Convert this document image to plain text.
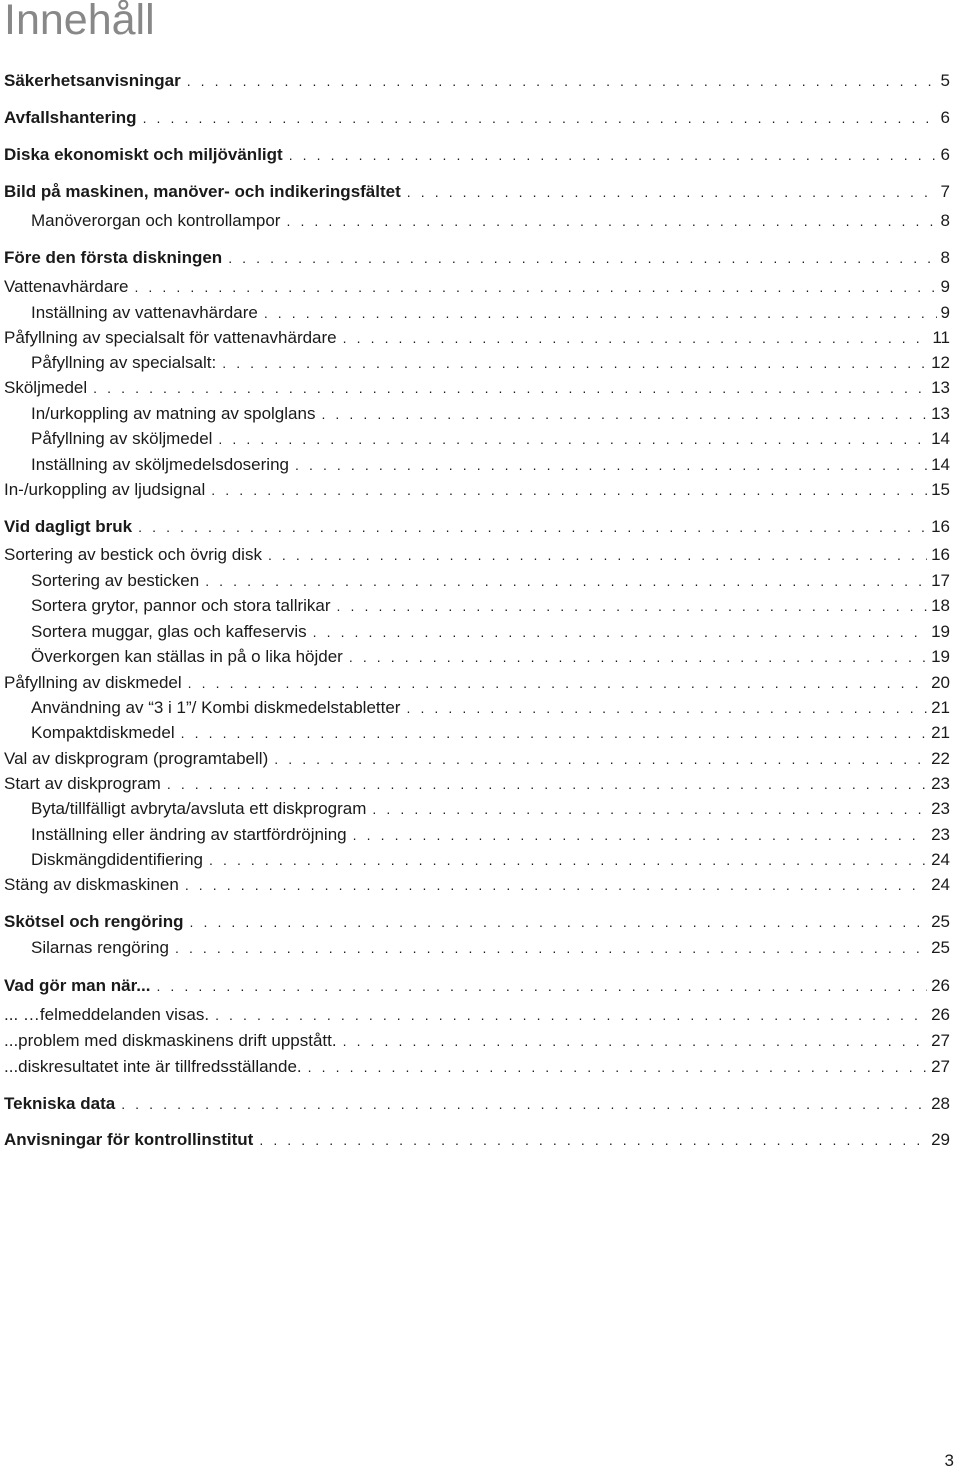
Innehåll
Säkerhetsanvisningar . . .	5
Avfallshantering . . .	6
Diska ekonomiskt och miljövänligt . . .	6
Bild på maskinen, manöver- och indikeringsfältet . . .	7
Manöverorgan och kontrollampor . . .	8
Före den första diskningen . . .	8
Vattenavhärdare . . .	9
Inställning av vattenavhärdare . . .	9
Påfyllning av specialsalt för vattenavhärdare . . .	11
Påfyllning av specialsalt: . . .	12
Sköljmedel . . .	13
In/urkoppling av matning av spolglans . . .	13
Påfyllning av sköljmedel . . .	14
Inställning av sköljmedelsdosering . . .	14
In-/urkoppling av ljudsignal . . .	15
Vid dagligt bruk . . .	16
Sortering av bestick och övrig disk . . .	16
Sortering av besticken . . .	17
Sortera grytor, pannor och stora tallrikar . . .	18
Sortera muggar, glas och kaffeservis . . .	19
Överkorgen kan ställas in på o lika höjder . . .	19
Påfyllning av diskmedel . . .	20
Användning av “3 i 1”/ Kombi diskmedelstabletter . . .	21
Kompaktdiskmedel . . .	21
Val av diskprogram (programtabell) . . .	22
Start av diskprogram . . .	23
Byta/tillfälligt avbryta/avsluta ett diskprogram . . .	23
Inställning eller ändring av startfördröjning . . .	23
Diskmängdidentifiering . . .	24
Stäng av diskmaskinen . . .	24
Skötsel och rengöring . . .	25
Silarnas rengöring . . .	25
Vad gör man när... . . .	26
... …felmeddelanden visas. . . .	26
...problem med diskmaskinens drift uppstått. . . .	27
...diskresultatet inte är tillfredsställande. . . .	27
Tekniska data . . .	28
Anvisningar för kontrollinstitut . . .	29
3
